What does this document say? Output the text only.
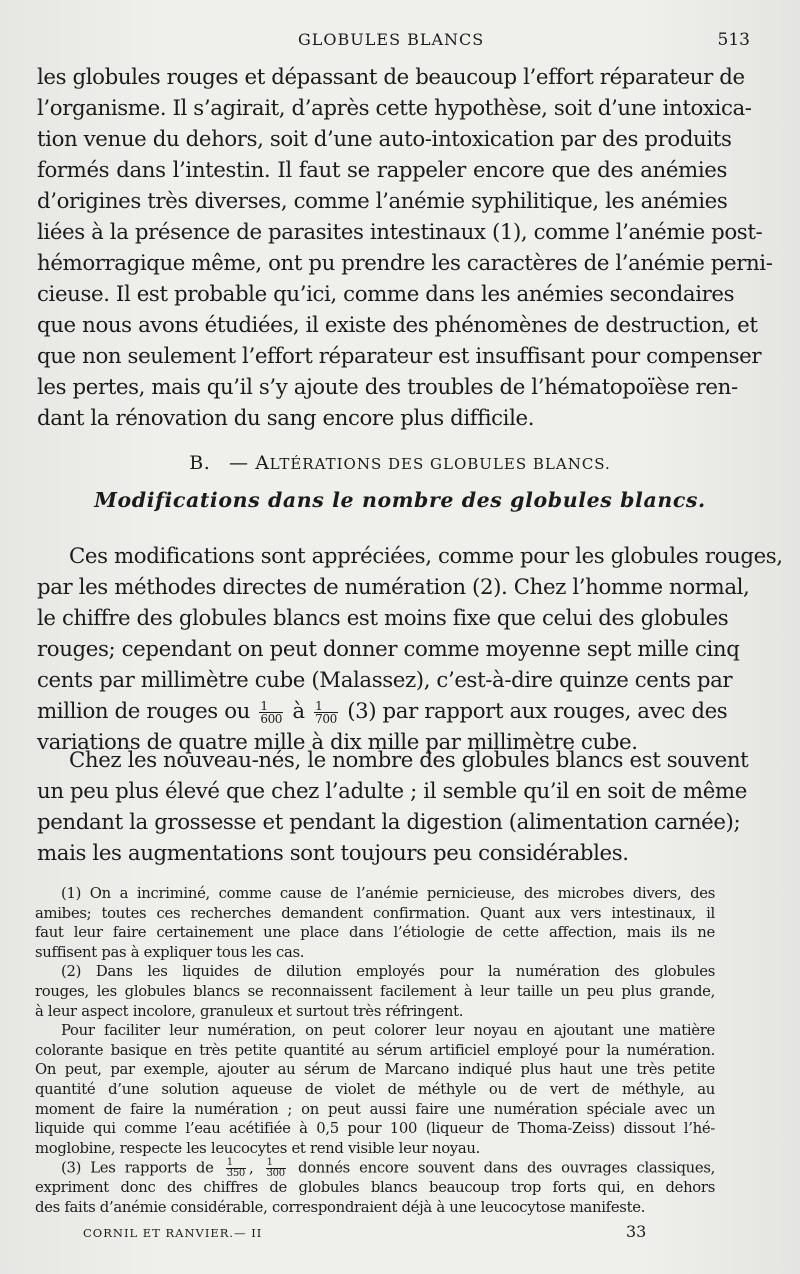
GLOBULES BLANCS	513
les globules rouges et dépassant de beaucoup l’effort réparateur de
l’organisme. Il s’agirait, d’après cette hypothèse, soit d’une intoxica-
tion venue du dehors, soit d’une auto-intoxication par des produits
formés dans l’intestin. Il faut se rappeler encore que des anémies
d’origines très diverses, comme l’anémie syphilitique, les anémies
liées à la présence de parasites intestinaux (1), comme l’anémie post-
hémorragique même, ont pu prendre les caractères de l’anémie perni-
cieuse. Il est probable qu’ici, comme dans les anémies secondaires
que nous avons étudiées, il existe des phénomènes de destruction, et
que non seulement l’effort réparateur est insuffisant pour compenser
les pertes, mais qu’il s’y ajoute des troubles de l’hématopoïèse ren-
dant la rénovation du sang encore plus difficile.
B. — ALTÉRATIONS DES GLOBULES BLANCS.
Modifications dans le nombre des globules blancs.
Ces modifications sont appréciées, comme pour les globules rouges,
par les méthodes directes de numération (2). Chez l’homme normal,
le chiffre des globules blancs est moins fixe que celui des globules
rouges; cependant on peut donner comme moyenne sept mille cinq
cents par millimètre cube (Malassez), c’est-à-dire quinze cents par
million de rouges ou $\frac{1}{600}$ à $\frac{1}{700} (3)$ par rapport aux rouges, avec des
variations de quatre mille à dix mille par millimètre cube.
Chez les nouveau-nés, le nombre des globules blancs est souvent
un peu plus élevé que chez l’adulte ; il semble qu’il en soit de même
pendant la grossesse et pendant la digestion (alimentation carnée);
mais les augmentations sont toujours peu considérables.
(1) On a incriminé, comme cause de l’anémie pernicieuse, des microbes divers, des
amibes; toutes ces recherches demandent confirmation. Quant aux vers intestinaux, il
faut leur faire certainement une place dans l’étiologie de cette affection, mais ils ne
suffisent pas à expliquer tous les cas.
(2) Dans les liquides de dilution employés pour la numération des globules
rouges, les globules blancs se reconnaissent facilement à leur taille un peu plus grande,
à leur aspect incolore, granuleux et surtout très réfringent.
Pour faciliter leur numération, on peut colorer leur noyau en ajoutant une matière
colorante basique en très petite quantité au sérum artificiel employé pour la numération.
On peut, par exemple, ajouter au sérum de Marcano indiqué plus haut une très petite
quantité d’une solution aqueuse de violet de méthyle ou de vert de méthyle, au
moment de faire la numération ; on peut aussi faire une numération spéciale avec un
liquide qui comme l’eau acétifiée à 0,5 pour 100 (liqueur de Thoma-Zeiss) dissout l’hé-
moglobine, respecte les leucocytes et rend visible leur noyau.
(3) Les rapports de $\frac{1}{350}$ , $\frac{1}{300}$ donnés encore souvent dans des ouvrages classiques,
expriment donc des chiffres de globules blancs beaucoup trop forts qui, en dehors
des faits d’anémie considérable, correspondraient déjà à une leucocytose manifeste.
CORNIL ET RANVIER.— II	33
